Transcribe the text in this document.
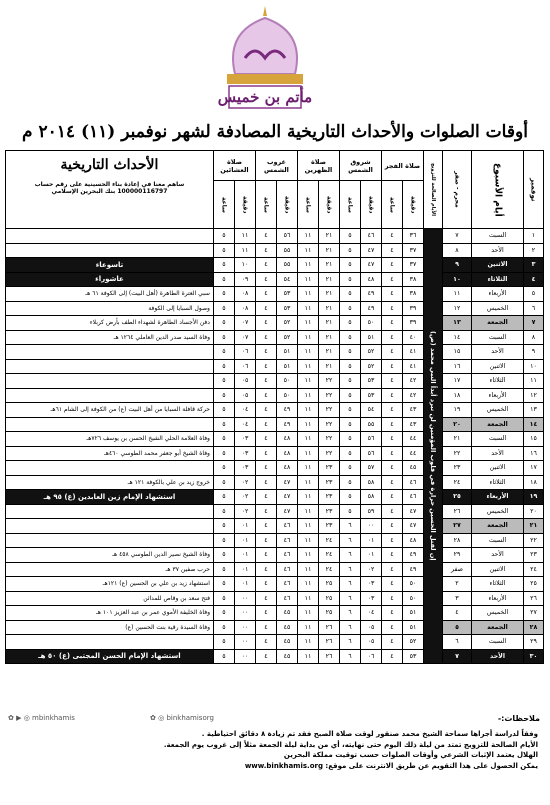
مأتم بن خميس
أوقات الصلوات والأحداث التاريخية المصادفة لشهر نوفمبر (١١) ٢٠١٤ م
نوفمبر	أيام الأسبوع	محرم - صفر	الأيام الصالحة للتزويج	صلاة الفجر		شروق الشمس		صلاة الظهرين		غروب الشمس		صلاة العشائين		الأحداث التاريخية
ساهم معنا في إعادة بناء الحسينية على رقم حساب
100000116797 بنك البحرين الإسلامي

				دقيقة	ساعة	دقيقة	ساعة	دقيقة	ساعة	دقيقة	ساعة	دقيقة	ساعة	
١	السبت	٧	إن لقتل الحسين حرارة في قلوب المؤمنين لن تبرد أبداً النبي محمد (ص)	٣٦	٤	٤٦	٥	٢١	١١	٥٦	٤	١١	٥	
٢	الأحد	٨		٣٧	٤	٤٧	٥	٢١	١١	٥٥	٤	١١	٥	
٣	الاثنين	٩		٣٧	٤	٤٧	٥	٢١	١١	٥٥	٤	١٠	٥	تاسوعاء
٤	الثلاثاء	١٠		٣٨	٤	٤٨	٥	٢١	١١	٥٤	٤	٠٩	٥	عاشوراء
٥	الأربعاء	١١		٣٨	٤	٤٩	٥	٢١	١١	٥٣	٤	٠٨	٥	سبي العترة الطاهرة (أهل البيت) إلى الكوفة ٦١ هـ
٦	الخميس	١٢		٣٩	٤	٤٩	٥	٢١	١١	٥٣	٤	٠٨	٥	وصول السبايا إلى الكوفة
٧	الجمعة	١٣		٣٩	٤	٥٠	٥	٢١	١١	٥٢	٤	٠٧	٥	دفن الأجساد الطاهرة لشهداء الطف بأرض كربلاء
٨	السبت	١٤		٤٠	٤	٥١	٥	٢١	١١	٥٢	٤	٠٧	٥	وفاة السيد صدر الدين العاملي ١٢٦٤ هـ
٩	الأحد	١٥		٤١	٤	٥٢	٥	٢١	١١	٥١	٤	٠٦	٥	
١٠	الاثنين	١٦		٤١	٤	٥٢	٥	٢١	١١	٥١	٤	٠٦	٥	
١١	الثلاثاء	١٧		٤٢	٤	٥٣	٥	٢٢	١١	٥٠	٤	٠٥	٥	
١٢	الأربعاء	١٨		٤٢	٤	٥٣	٥	٢٢	١١	٥٠	٤	٠٥	٥	
١٣	الخميس	١٩		٤٣	٤	٥٤	٥	٢٢	١١	٤٩	٤	٠٤	٥	حركة قافلة السبايا من أهل البيت (ع) من الكوفة إلى الشام ٦١هـ
١٤	الجمعة	٢٠		٤٣	٤	٥٥	٥	٢٢	١١	٤٩	٤	٠٤	٥	
١٥	السبت	٢١		٤٤	٤	٥٦	٥	٢٢	١١	٤٨	٤	٠٣	٥	وفاة العلامة الحلي الشيخ الحسن بن يوسف ٧٢٦هـ
١٦	الأحد	٢٢		٤٤	٤	٥٦	٥	٢٢	١١	٤٨	٤	٠٣	٥	وفاة الشيخ أبو جعفر محمد الطوسي ٤٦٠هـ
١٧	الاثنين	٢٣		٤٥	٤	٥٧	٥	٢٣	١١	٤٨	٤	٠٣	٥	
١٨	الثلاثاء	٢٤		٤٦	٤	٥٨	٥	٢٣	١١	٤٧	٤	٠٢	٥	خروج زيد بن علي بالكوفة ١٢١ هـ
١٩	الأربعاء	٢٥		٤٦	٤	٥٨	٥	٢٣	١١	٤٧	٤	٠٢	٥	استشهاد الإمام زين العابدين (ع) ٩٥ هـ
٢٠	الخميس	٢٦		٤٧	٤	٥٩	٥	٢٣	١١	٤٧	٤	٠٢	٥	
٢١	الجمعة	٢٧		٤٧	٤	٠٠	٦	٢٣	١١	٤٦	٤	٠١	٥	
٢٢	السبت	٢٨		٤٨	٤	٠١	٦	٢٤	١١	٤٦	٤	٠١	٥	
٢٣	الأحد	٢٩		٤٩	٤	٠١	٦	٢٤	١١	٤٦	٤	٠١	٥	وفاة الشيخ نصير الدين الطوسي ٤٥٨ هـ
٢٤	الاثنين	صفر		٤٩	٤	٠٢	٦	٢٤	١١	٤٦	٤	٠١	٥	حرب صفين ٣٧ هـ
٢٥	الثلاثاء	٢		٥٠	٤	٠٣	٦	٢٥	١١	٤٦	٤	٠١	٥	استشهاد زيد بن علي بن الحسين (ع) ١٢١هـ
٢٦	الأربعاء	٣		٥٠	٤	٠٣	٦	٢٥	١١	٤٦	٤	٠٠	٥	فتح سعد بن وقاص للمدائن
٢٧	الخميس	٤		٥١	٤	٠٤	٦	٢٥	١١	٤٥	٤	٠٠	٥	وفاة الخليفة الأموي عمر بن عبد العزيز ١٠١ هـ
٢٨	الجمعة	٥		٥١	٤	٠٥	٦	٢٦	١١	٤٥	٤	٠٠	٥	وفاة السيدة رقية بنت الحسين (ع)
٢٩	السبت	٦		٥٢	٤	٠٥	٦	٢٦	١١	٤٥	٤	٠٠	٥	
٣٠	الأحد	٧		٥٣	٤	٠٦	٦	٢٦	١١	٤٥	٤	٠٠	٥	استشهاد الإمام الحسن المجتبى (ع) ٥٠ هـ
✿ ▶ ◎ mbinkhamis	✿ ◎ binkhamisorg	ملاحظات:-
وفقاً لدراسة أجراها سماحة الشيخ محمد صنقور لوقت صلاة الصبح فقد تم زيادة ٨ دقائق احتياطية .
الأيام الصالحة للتزويج تمتد من ليلة ذلك اليوم حتى نهايته، أي من بداية ليلة الجمعة مثلاً إلى غروب يوم الجمعة.
الهلال يعتمد الإثبات الشرعي وأوقات الصلوات حسب توقيت مملكة البحرين
يمكن الحصول على هذا التقويم عن طريق الانترنت على موقع: www.binkhamis.org
